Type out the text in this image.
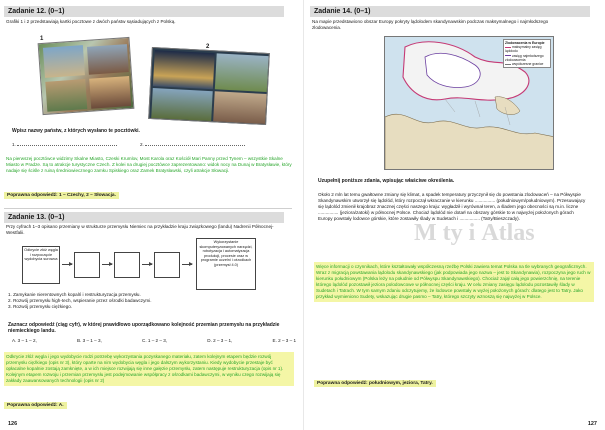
Zadanie 12. (0–1)
Grafiki 1 i 2 przedstawiają kartki pocztowe z dwóch państw sąsiadujących z Polską.
1
2
Wpisz nazwy państw, z których wysłano te pocztówki.
1.	2.
Na pierwszej pocztówce widzimy Skalne Miasto, Czeski Krumlov, Most Karola oraz Kościół Mari Panny przed Tynem – wszystkie Skalne Miasto w Pradze. Są to atrakcje turystyczne Czech. Z kolei na drugiej pocztówce zaprezentowano: widok nocy na Dunaj w Bratysławie, który nadaje się ściśle z ruiną średniowiecznego zamku Spiskiego oraz Zamek Bratysławski, czyli atrakcje Słowacji.
Poprawna odpowiedź: 1 – Czechy, 2 – Słowacja.
Zadanie 13. (0–1)
Przy cyfrach 1–3 opisano przemiany w strukturze przemysłu Niemiec na przykładzie kraju związkowego (landu) Nadrenii Północnej-Westfalii.
Odkrycie złóż węgla i rozpoczęcie wydobycia surowca
Wykorzystanie skomputeryzowanych narzędzi, robotyzacja i automatyzacja produkcji, procesie oraz w programie uczelni i ośrodkach (przemysł 4.0)
1. Zamykanie nierentownych kopalń i restrukturyzacja przemysłu.
2. Rozwój przemysłu high-tech, wspieranie przez ośrodki badawczymi.
3. Rozwój przemysłu ciężkiego.
Zaznacz odpowiedź (ciąg cyfr), w której prawidłowo uporządkowano kolejność przemian przemysłu na przykładzie niemieckiego landu.
A. 3 – 1 – 2,	B. 3 – 1 – 3,	C. 1 – 2 – 3,	D. 2 – 3 – 1,	E. 2 – 3 – 1
Odkrycie złóż węgla i jego wydobycie rodzi potrzebę wykorzystania pozyskanego materiału, zatem kolejnym etapem będzie rozwój przemysłu ciężkiego (opis nr 3), który oparte na nim wydobycia węgla i jego dalszym wykorzystaniu. Kiedy wydobycie przestaje być opłacalne kopalnie zostają zamknięte, a w ich miejsce rozwijają się inne gałęzie przemysłu, zatem następuje restrukturyzacja (opis nr 1). Kolejnym etapem rozwoju i przemian przemysłu jest podejmowanie współpracy z ośrodkami badawczymi, w wyniku czego rozwijają się zakłady zaawansowanych technologii (opis nr 2)
Poprawna odpowiedź: A.
126
Zadanie 14. (0–1)
Na mapie przedstawiono obszar Europy pokryty lądolodem skandynawskim podczas maksymalnego i najmłodszego zlodowacenia.
Zlodowacenia w Europie
maksymalny zasięg lądolodu
zasięg najmłodszego zlodowacenia
współczesne granice
Uzupełnij poniższe zdania, wpisując właściwe określenia.
Około 2 mln lat temu gwałtowne zmiany się klimat, a spadek temperatury przyczynił się do powstania zlodowaceń – na Półwyspie Skandynawskim utworzył się lądolód, który rozpoczął wkraczanie w kierunku ................ (południowym/południowym). Przesuwający się lądolód zmienił krajobraz znacznej części naszego kraju: wygładził i wyrównał teren, a śladem jego obecności są m.in. liczne ................ (jeziora/zatoki) w północnej Polsce. Chociaż lądolód nie dotarł na obszary górskie to w najwyżej położonych górach Europy powstały lodowce górskie, które zostawiły ślady w Sudetach i ................ (Tatry/Bieszczady).
Więce informacji o czynnikach, które kształtowały współczesną rzeźbę Polski zawiera temat Polska na tle wybranych geograficznych. Wraz z migracją powstawania lądolodu skandynawskiego (jak podpowiada jego nazwa – jest to Skandynawia), rozpoczyna jego ruch w kierunku południowym (Polska leży na południe od Półwyspu Skandynawskiego). Chociaż zajął całą jego powierzchnię, na terenie którego lądolód pozostawił jeziora polodowcowe w północnej części kraju. W celu zmiany zasięgu lądolodu pozostawiły ślady w Sudetach i Tatrach. W tym samym zdaniu odczytujemy, że lodowce powstały w wyżej położonych górach: dlatego jest to Tatry. Jako przykład wymieniono Sudety, wskazując drugie pasmo – Tatry, którego szczyty wznoszą się najwyżej w Polsce.
Poprawna odpowiedź: południowym, jeziora, Tatry.
M ty i Atlas
127
